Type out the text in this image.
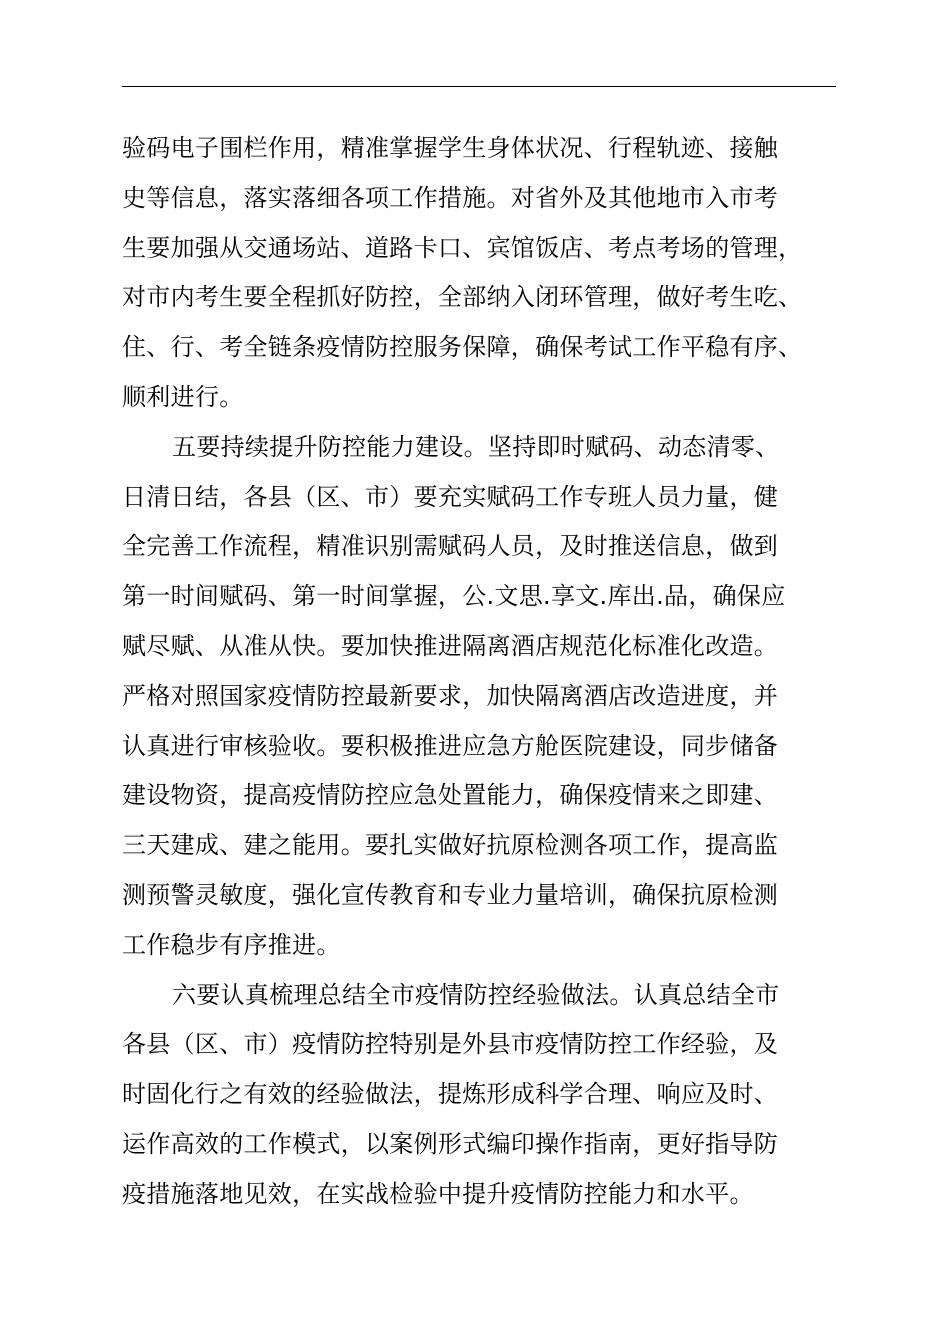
验码电子围栏作用，精准掌握学生身体状况、行程轨迹、接触
史等信息，落实落细各项工作措施。对省外及其他地市入市考
生要加强从交通场站、道路卡口、宾馆饭店、考点考场的管理，
对市内考生要全程抓好防控，全部纳入闭环管理，做好考生吃、
住、行、考全链条疫情防控服务保障，确保考试工作平稳有序、
顺利进行。
五要持续提升防控能力建设。坚持即时赋码、动态清零、
日清日结，各县（区、市）要充实赋码工作专班人员力量，健
全完善工作流程，精准识别需赋码人员，及时推送信息，做到
第一时间赋码、第一时间掌握，公.文思.享文.库出.品，确保应
赋尽赋、从准从快。要加快推进隔离酒店规范化标准化改造。
严格对照国家疫情防控最新要求，加快隔离酒店改造进度，并
认真进行审核验收。要积极推进应急方舱医院建设，同步储备
建设物资，提高疫情防控应急处置能力，确保疫情来之即建、
三天建成、建之能用。要扎实做好抗原检测各项工作，提高监
测预警灵敏度，强化宣传教育和专业力量培训，确保抗原检测
工作稳步有序推进。
六要认真梳理总结全市疫情防控经验做法。认真总结全市
各县（区、市）疫情防控特别是外县市疫情防控工作经验，及
时固化行之有效的经验做法，提炼形成科学合理、响应及时、
运作高效的工作模式，以案例形式编印操作指南，更好指导防
疫措施落地见效，在实战检验中提升疫情防控能力和水平。
